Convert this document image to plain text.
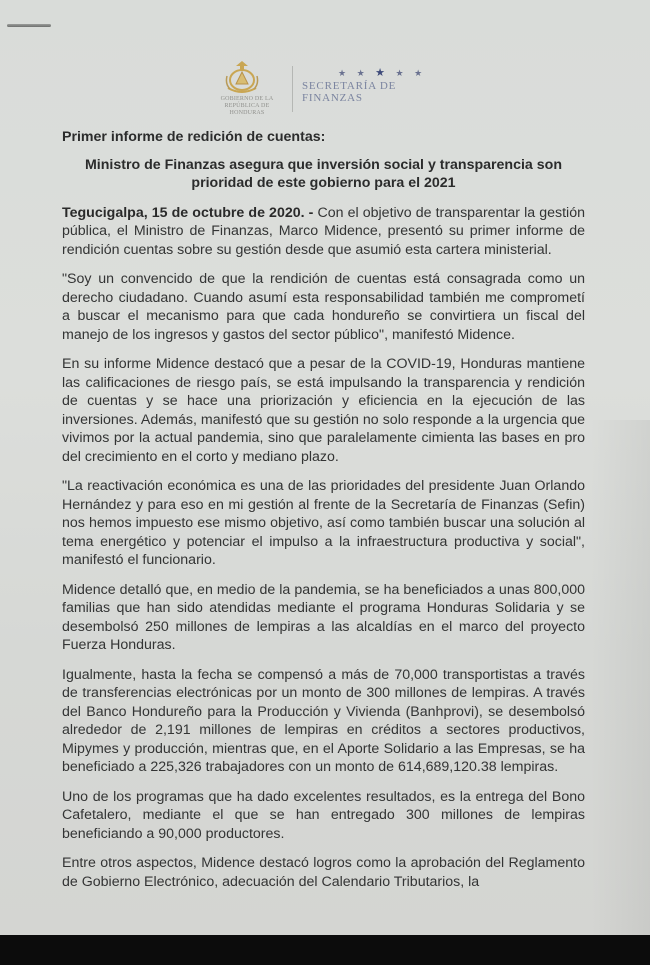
GOBIERNO DE LA
REPÚBLICA DE HONDURAS
★ ★ ★ ★ ★
SECRETARÍA DE FINANZAS

Primer informe de redición de cuentas:

Ministro de Finanzas asegura que inversión social y transparencia son prioridad de este gobierno para el 2021

Tegucigalpa, 15 de octubre de 2020. - Con el objetivo de transparentar la gestión pública, el Ministro de Finanzas, Marco Midence, presentó su primer informe de rendición cuentas sobre su gestión desde que asumió esta cartera ministerial.

"Soy un convencido de que la rendición de cuentas está consagrada como un derecho ciudadano. Cuando asumí esta responsabilidad también me comprometí a buscar el mecanismo para que cada hondureño se convirtiera un fiscal del manejo de los ingresos y gastos del sector público", manifestó Midence.

En su informe Midence destacó que a pesar de la COVID-19, Honduras mantiene las calificaciones de riesgo país, se está impulsando la transparencia y rendición de cuentas y se hace una priorización y eficiencia en la ejecución de las inversiones. Además, manifestó que su gestión no solo responde a la urgencia que vivimos por la actual pandemia, sino que paralelamente cimienta las bases en pro del crecimiento en el corto y mediano plazo.

"La reactivación económica es una de las prioridades del presidente Juan Orlando Hernández y para eso en mi gestión al frente de la Secretaría de Finanzas (Sefin) nos hemos impuesto ese mismo objetivo, así como también buscar una solución al tema energético y potenciar el impulso a la infraestructura productiva y social", manifestó el funcionario.

Midence detalló que, en medio de la pandemia, se ha beneficiados a unas 800,000 familias que han sido atendidas mediante el programa Honduras Solidaria y se desembolsó 250 millones de lempiras a las alcaldías en el marco del proyecto Fuerza Honduras.

Igualmente, hasta la fecha se compensó a más de 70,000 transportistas a través de transferencias electrónicas por un monto de 300 millones de lempiras. A través del Banco Hondureño para la Producción y Vivienda (Banhprovi), se desembolsó alrededor de 2,191 millones de lempiras en créditos a sectores productivos, Mipymes y producción, mientras que, en el Aporte Solidario a las Empresas, se ha beneficiado a 225,326 trabajadores con un monto de 614,689,120.38 lempiras.

Uno de los programas que ha dado excelentes resultados, es la entrega del Bono Cafetalero, mediante el que se han entregado 300 millones de lempiras beneficiando a 90,000 productores.

Entre otros aspectos, Midence destacó logros como la aprobación del Reglamento de Gobierno Electrónico, adecuación del Calendario Tributarios, la
